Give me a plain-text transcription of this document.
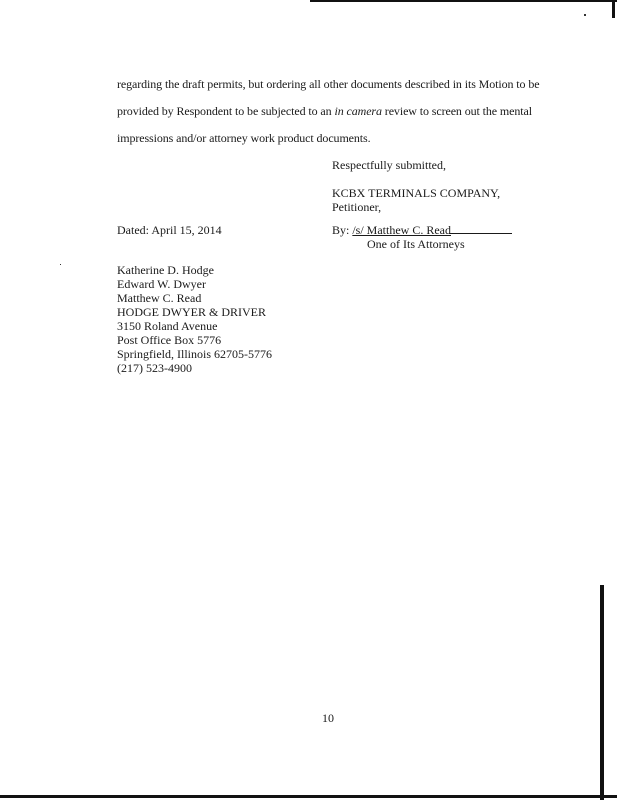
regarding the draft permits, but ordering all other documents described in its Motion to be
provided by Respondent to be subjected to an in camera review to screen out the mental
impressions and/or attorney work product documents.
Respectfully submitted,
KCBX TERMINALS COMPANY,
Petitioner,
Dated: April 15, 2014	By: /s/ Matthew C. Read
One of Its Attorneys
Katherine D. Hodge
Edward W. Dwyer
Matthew C. Read
HODGE DWYER & DRIVER
3150 Roland Avenue
Post Office Box 5776
Springfield, Illinois 62705-5776
(217) 523-4900
10
